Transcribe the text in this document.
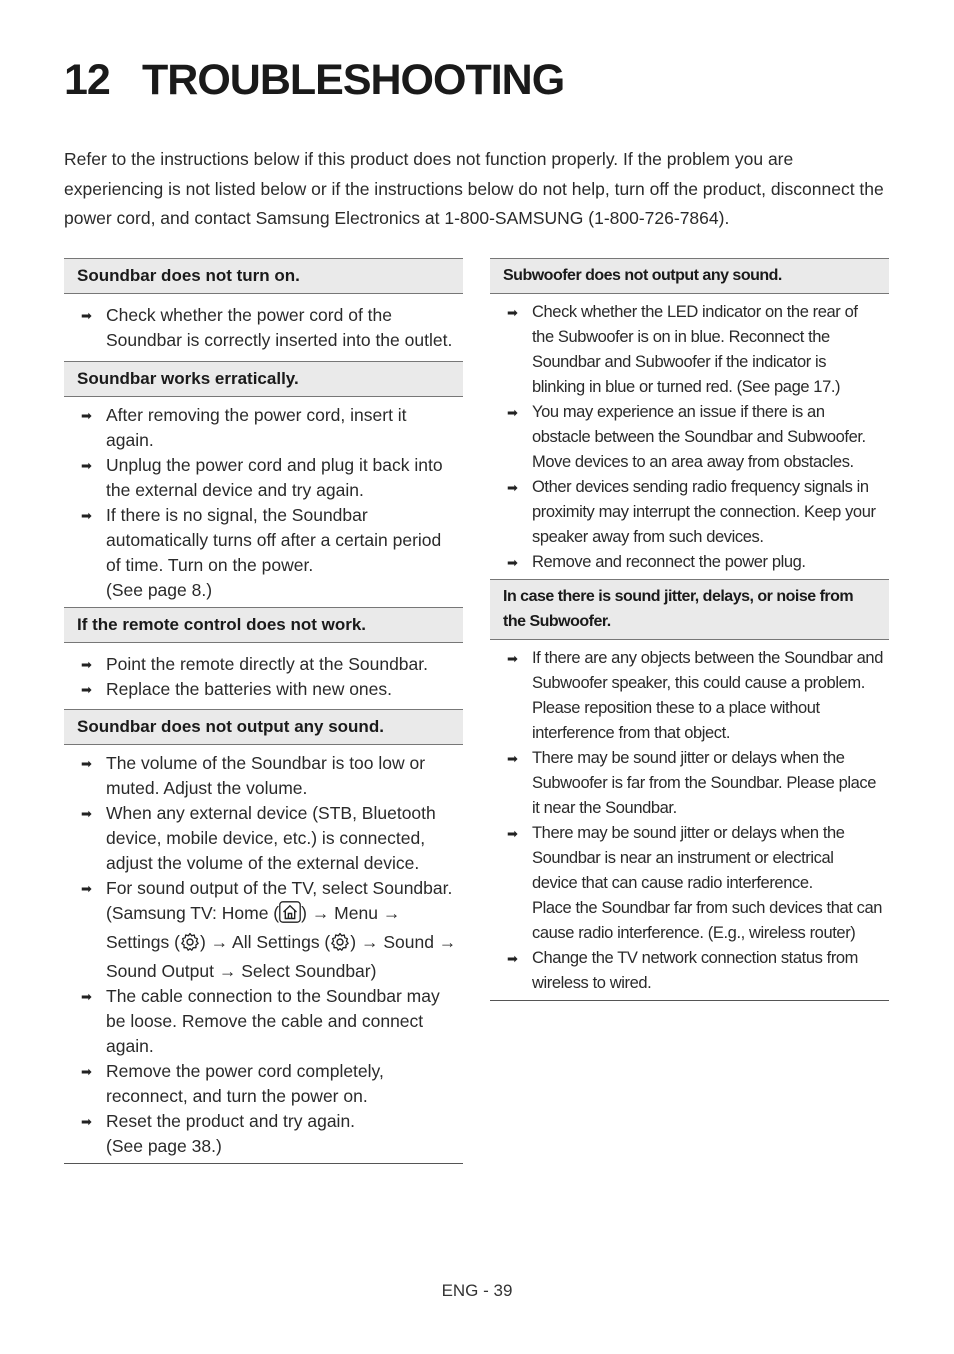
12 TROUBLESHOOTING

Refer to the instructions below if this product does not function properly. If the problem you are experiencing is not listed below or if the instructions below do not help, turn off the product, disconnect the power cord, and contact Samsung Electronics at 1-800-SAMSUNG (1-800-726-7864).

Soundbar does not turn on.
➡ Check whether the power cord of the Soundbar is correctly inserted into the outlet.
Soundbar works erratically.
➡ After removing the power cord, insert it again.
➡ Unplug the power cord and plug it back into the external device and try again.
➡ If there is no signal, the Soundbar automatically turns off after a certain period of time. Turn on the power.
(See page 8.)
If the remote control does not work.
➡ Point the remote directly at the Soundbar.
➡ Replace the batteries with new ones.
Soundbar does not output any sound.
➡ The volume of the Soundbar is too low or muted. Adjust the volume.
➡ When any external device (STB, Bluetooth device, mobile device, etc.) is connected, adjust the volume of the external device.
➡ For sound output of the TV, select Soundbar. (Samsung TV: Home ( ) → Menu → Settings ( ) → All Settings ( ) → Sound → Sound Output → Select Soundbar)
➡ The cable connection to the Soundbar may be loose. Remove the cable and connect again.
➡ Remove the power cord completely, reconnect, and turn the power on.
➡ Reset the product and try again.
(See page 38.)
Subwoofer does not output any sound.
➡ Check whether the LED indicator on the rear of the Subwoofer is on in blue. Reconnect the Soundbar and Subwoofer if the indicator is blinking in blue or turned red. (See page 17.)
➡ You may experience an issue if there is an obstacle between the Soundbar and Subwoofer. Move devices to an area away from obstacles.
➡ Other devices sending radio frequency signals in proximity may interrupt the connection. Keep your speaker away from such devices.
➡ Remove and reconnect the power plug.
In case there is sound jitter, delays, or noise from the Subwoofer.
➡ If there are any objects between the Soundbar and Subwoofer speaker, this could cause a problem. Please reposition these to a place without interference from that object.
➡ There may be sound jitter or delays when the Subwoofer is far from the Soundbar. Please place it near the Soundbar.
➡ There may be sound jitter or delays when the Soundbar is near an instrument or electrical device that can cause radio interference.
Place the Soundbar far from such devices that can cause radio interference. (E.g., wireless router)
➡ Change the TV network connection status from wireless to wired.
ENG - 39
